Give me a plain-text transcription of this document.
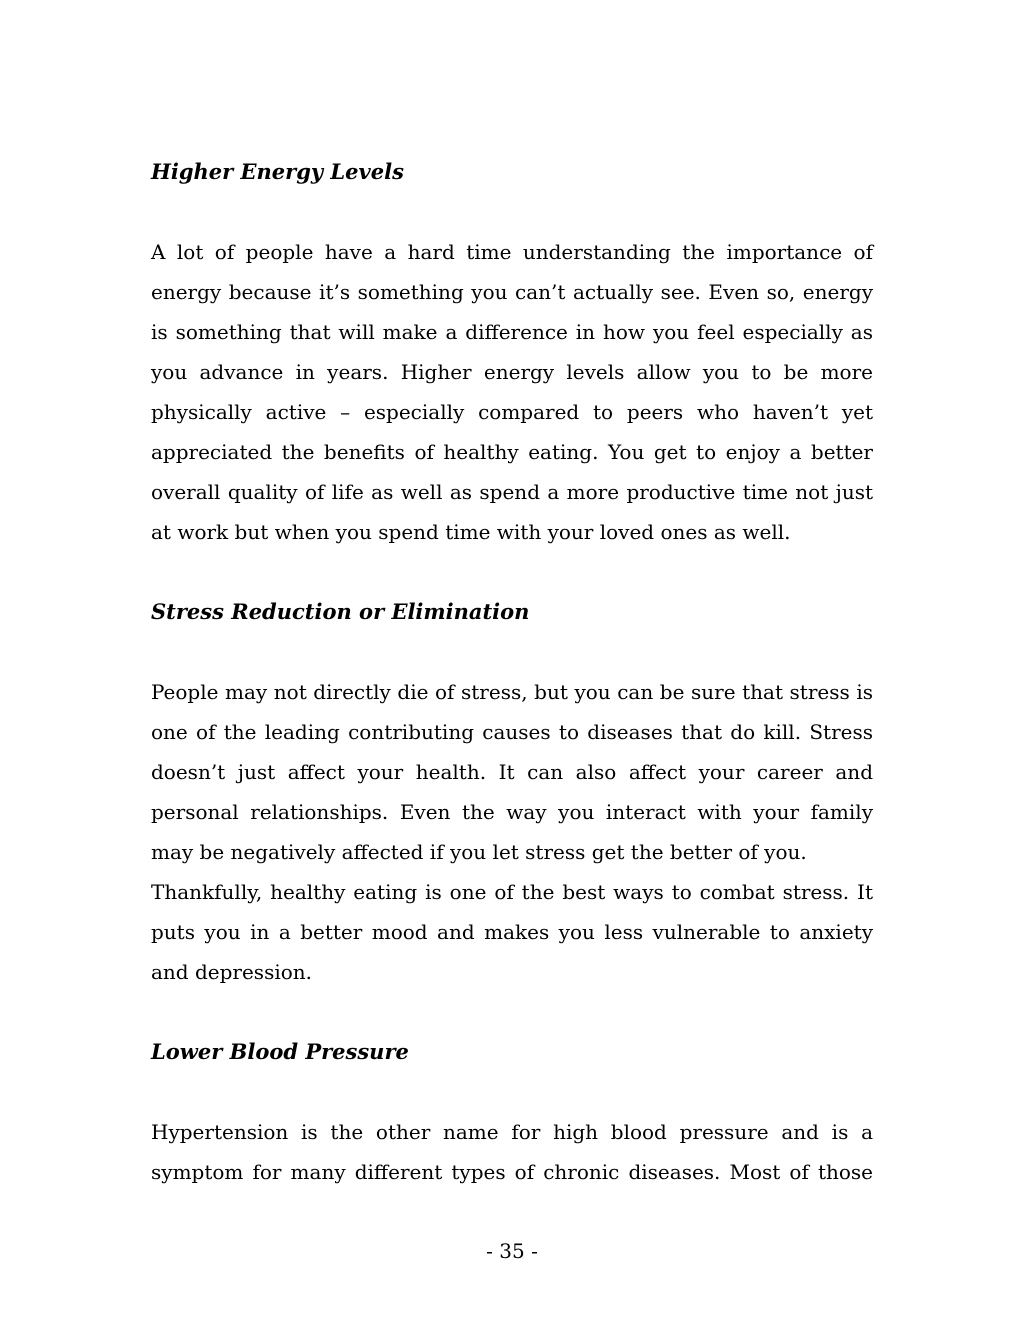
Higher Energy Levels

A lot of people have a hard time understanding the importance of
energy because it’s something you can’t actually see. Even so, energy
is something that will make a difference in how you feel especially as
you advance in years. Higher energy levels allow you to be more
physically active – especially compared to peers who haven’t yet
appreciated the benefits of healthy eating. You get to enjoy a better
overall quality of life as well as spend a more productive time not just
at work but when you spend time with your loved ones as well.

Stress Reduction or Elimination

People may not directly die of stress, but you can be sure that stress is
one of the leading contributing causes to diseases that do kill. Stress
doesn’t just affect your health. It can also affect your career and
personal relationships. Even the way you interact with your family
may be negatively affected if you let stress get the better of you.
Thankfully, healthy eating is one of the best ways to combat stress. It
puts you in a better mood and makes you less vulnerable to anxiety
and depression.

Lower Blood Pressure

Hypertension is the other name for high blood pressure and is a
symptom for many different types of chronic diseases. Most of those

- 35 -
